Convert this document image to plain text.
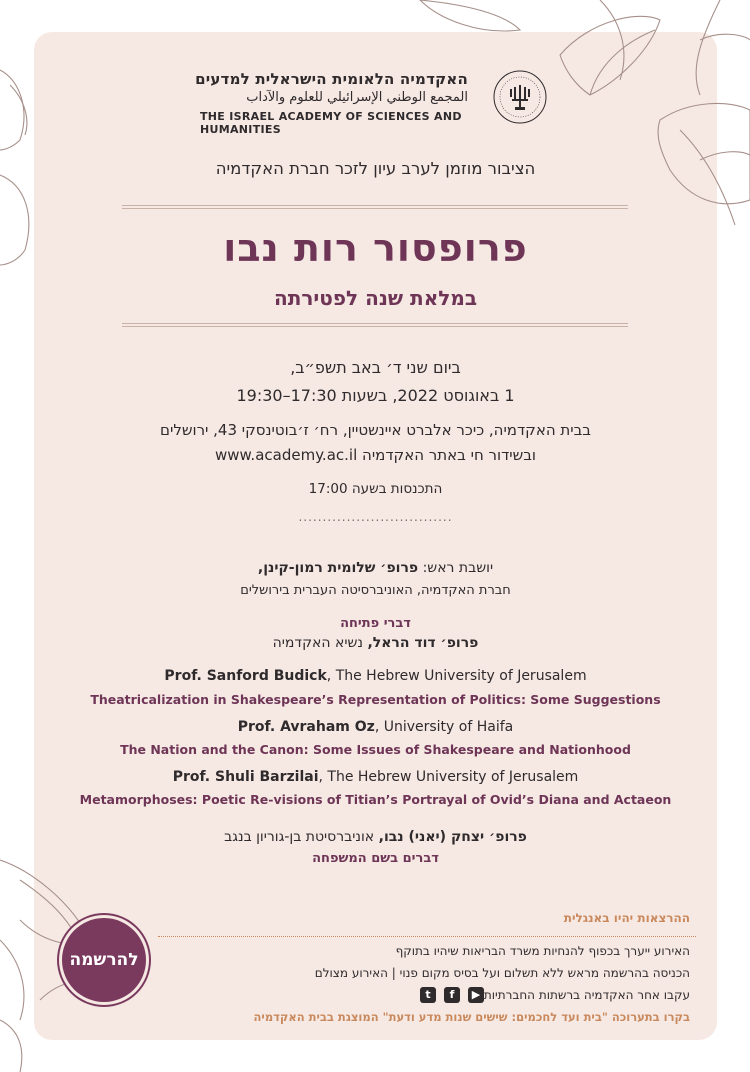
האקדמיה הלאומית הישראלית למדעים
المجمع الوطني الإسرائيلي للعلوم والآداب
THE ISRAEL ACADEMY OF SCIENCES AND HUMANITIES
הציבור מוזמן לערב עיון לזכר חברת האקדמיה
פרופסור רות נבו
במלאת שנה לפטירתה
ביום שני ד׳ באב תשפ״ב,
1 באוגוסט 2022, בשעות 17:30–19:30
בבית האקדמיה, כיכר אלברט איינשטיין, רח׳ ז׳בוטינסקי 43, ירושלים
www.academy.ac.il ובשידור חי באתר האקדמיה
התכנסות בשעה 17:00
................................
יושבת ראש: פרופ׳ שלומית רמון-קינן,
חברת האקדמיה, האוניברסיטה העברית בירושלים
דברי פתיחה
פרופ׳ דוד הראל, נשיא האקדמיה
Prof. Sanford Budick, The Hebrew University of Jerusalem
Theatricalization in Shakespeare’s Representation of Politics: Some Suggestions
Prof. Avraham Oz, University of Haifa
The Nation and the Canon: Some Issues of Shakespeare and Nationhood
Prof. Shuli Barzilai, The Hebrew University of Jerusalem
Metamorphoses: Poetic Re-visions of Titian’s Portrayal of Ovid’s Diana and Actaeon
פרופ׳ יצחק (יאני) נבו, אוניברסיטת בן-גוריון בנגב
דברים בשם המשפחה
ההרצאות יהיו באנגלית
האירוע ייערך בכפוף להנחיות משרד הבריאות שיהיו בתוקף
הכניסה בהרשמה מראש ללא תשלום ועל בסיס מקום פנוי | האירוע מצולם
עקבו אחר האקדמיה ברשתות החברתיות
▶
f
t
בקרו בתערוכה "בית ועד לחכמים: שישים שנות מדע ודעת" המוצגת בבית האקדמיה
להרשמה
